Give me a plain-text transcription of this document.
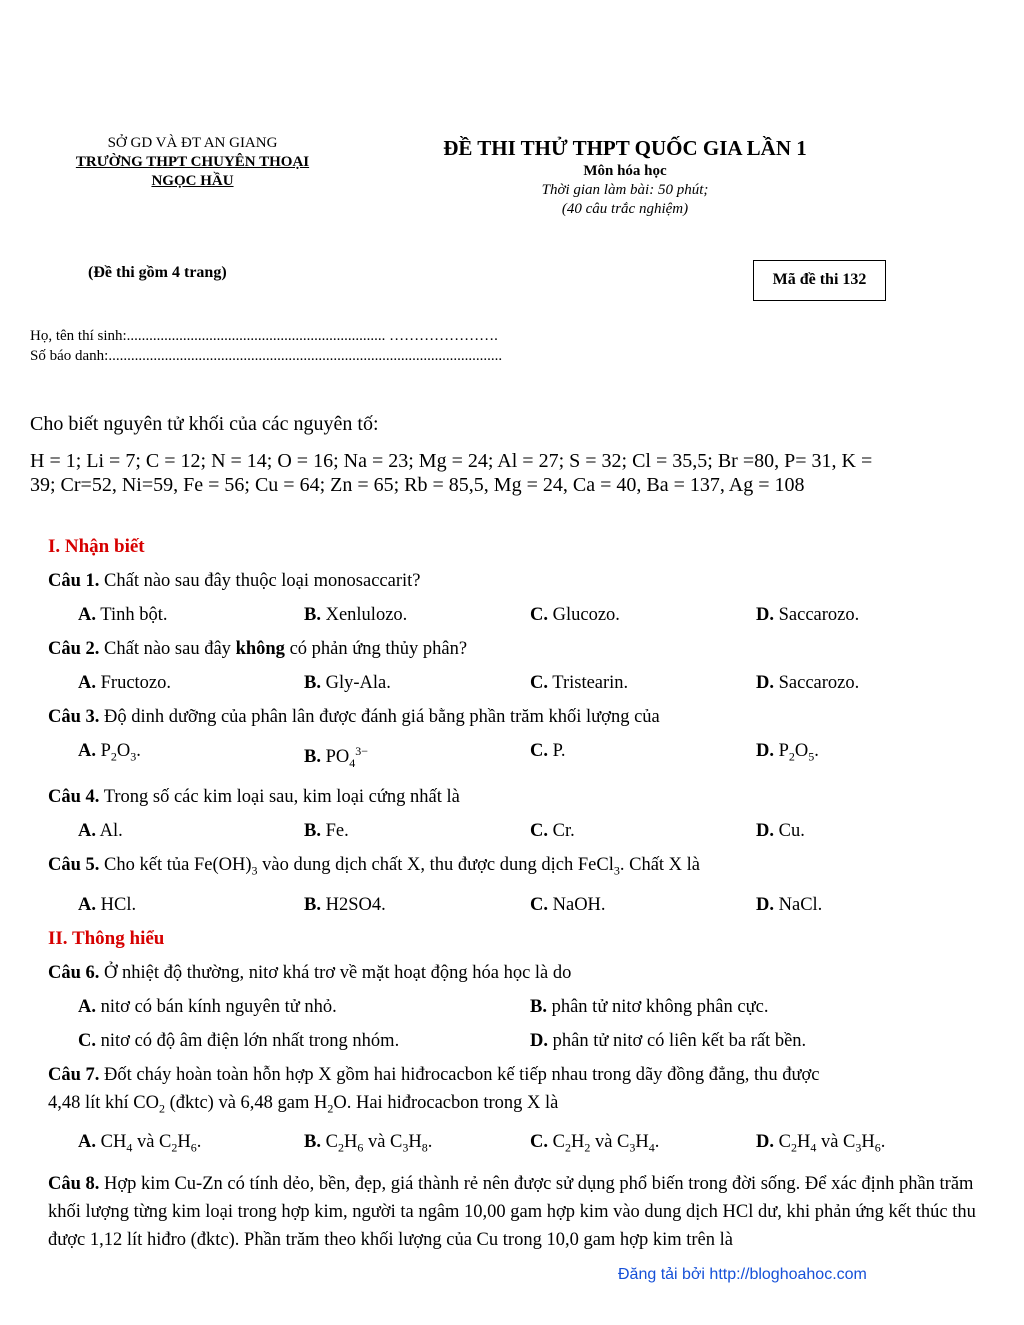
SỞ GD VÀ ĐT AN GIANG
TRƯỜNG THPT CHUYÊN THOẠI
NGỌC HẦU
ĐỀ THI THỬ THPT QUỐC GIA LẦN 1
Môn hóa học
Thời gian làm bài: 50 phút;
(40 câu trắc nghiệm)
(Đề thi gồm 4 trang)	Mã đề thi 132
Họ, tên thí sinh:..................................................................... ………………….
Số báo danh:.........................................................................................................
Cho biết nguyên tử khối của các nguyên tố:
H = 1; Li = 7; C = 12; N = 14; O = 16; Na = 23; Mg = 24; Al = 27; S = 32; Cl = 35,5; Br =80, P= 31, K =
39; Cr=52, Ni=59, Fe = 56; Cu = 64; Zn = 65; Rb = 85,5, Mg = 24, Ca = 40, Ba = 137, Ag = 108
I. Nhận biết
Câu 1. Chất nào sau đây thuộc loại monosaccarit?
A. Tinh bột.	B. Xenlulozo.	C. Glucozo.	D. Saccarozo.
Câu 2. Chất nào sau đây không có phản ứng thủy phân?
A. Fructozo.	B. Gly-Ala.	C. Tristearin.	D. Saccarozo.
Câu 3. Độ dinh dưỡng của phân lân được đánh giá bằng phần trăm khối lượng của
A. $P_2O_3$.	B. $PO_4^{3-}$	C. P.	D. $P_2O_5$.
Câu 4. Trong số các kim loại sau, kim loại cứng nhất là
A. Al.	B. Fe.	C. Cr.	D. Cu.
Câu 5. Cho kết tủa $Fe(OH)_3$ vào dung dịch chất X, thu được dung dịch FeCl$_3$. Chất X là
A. HCl.	B. H2SO4.	C. NaOH.	D. NaCl.
II. Thông hiểu
Câu 6. Ở nhiệt độ thường, nitơ khá trơ về mặt hoạt động hóa học là do
A. nitơ có bán kính nguyên tử nhỏ.	B. phân tử nitơ không phân cực.
C. nitơ có độ âm điện lớn nhất trong nhóm.	D. phân tử nitơ có liên kết ba rất bền.
Câu 7. Đốt cháy hoàn toàn hỗn hợp X gồm hai hiđrocacbon kế tiếp nhau trong dãy đồng đẳng, thu được
4,48 lít khí $CO_2$ (đktc) và 6,48 gam $H_2O$. Hai hiđrocacbon trong X là
A. $CH_4$ và $C_2H_6$.	B. $C_2H_6$ và $C_3H_8$.	C. $C_2H_2$ và $C_3H_4$.	D. $C_2H_4$ và $C_3H_6$.
Câu 8. Hợp kim Cu-Zn có tính dẻo, bền, đẹp, giá thành rẻ nên được sử dụng phổ biến trong đời sống. Để xác định phần trăm khối lượng từng kim loại trong hợp kim, người ta ngâm 10,00 gam hợp kim vào dung dịch HCl dư, khi phản ứng kết thúc thu được 1,12 lít hiđro (đktc). Phần trăm theo khối lượng của Cu trong 10,0 gam hợp kim trên là
Đăng tải bởi http://bloghoahoc.com
